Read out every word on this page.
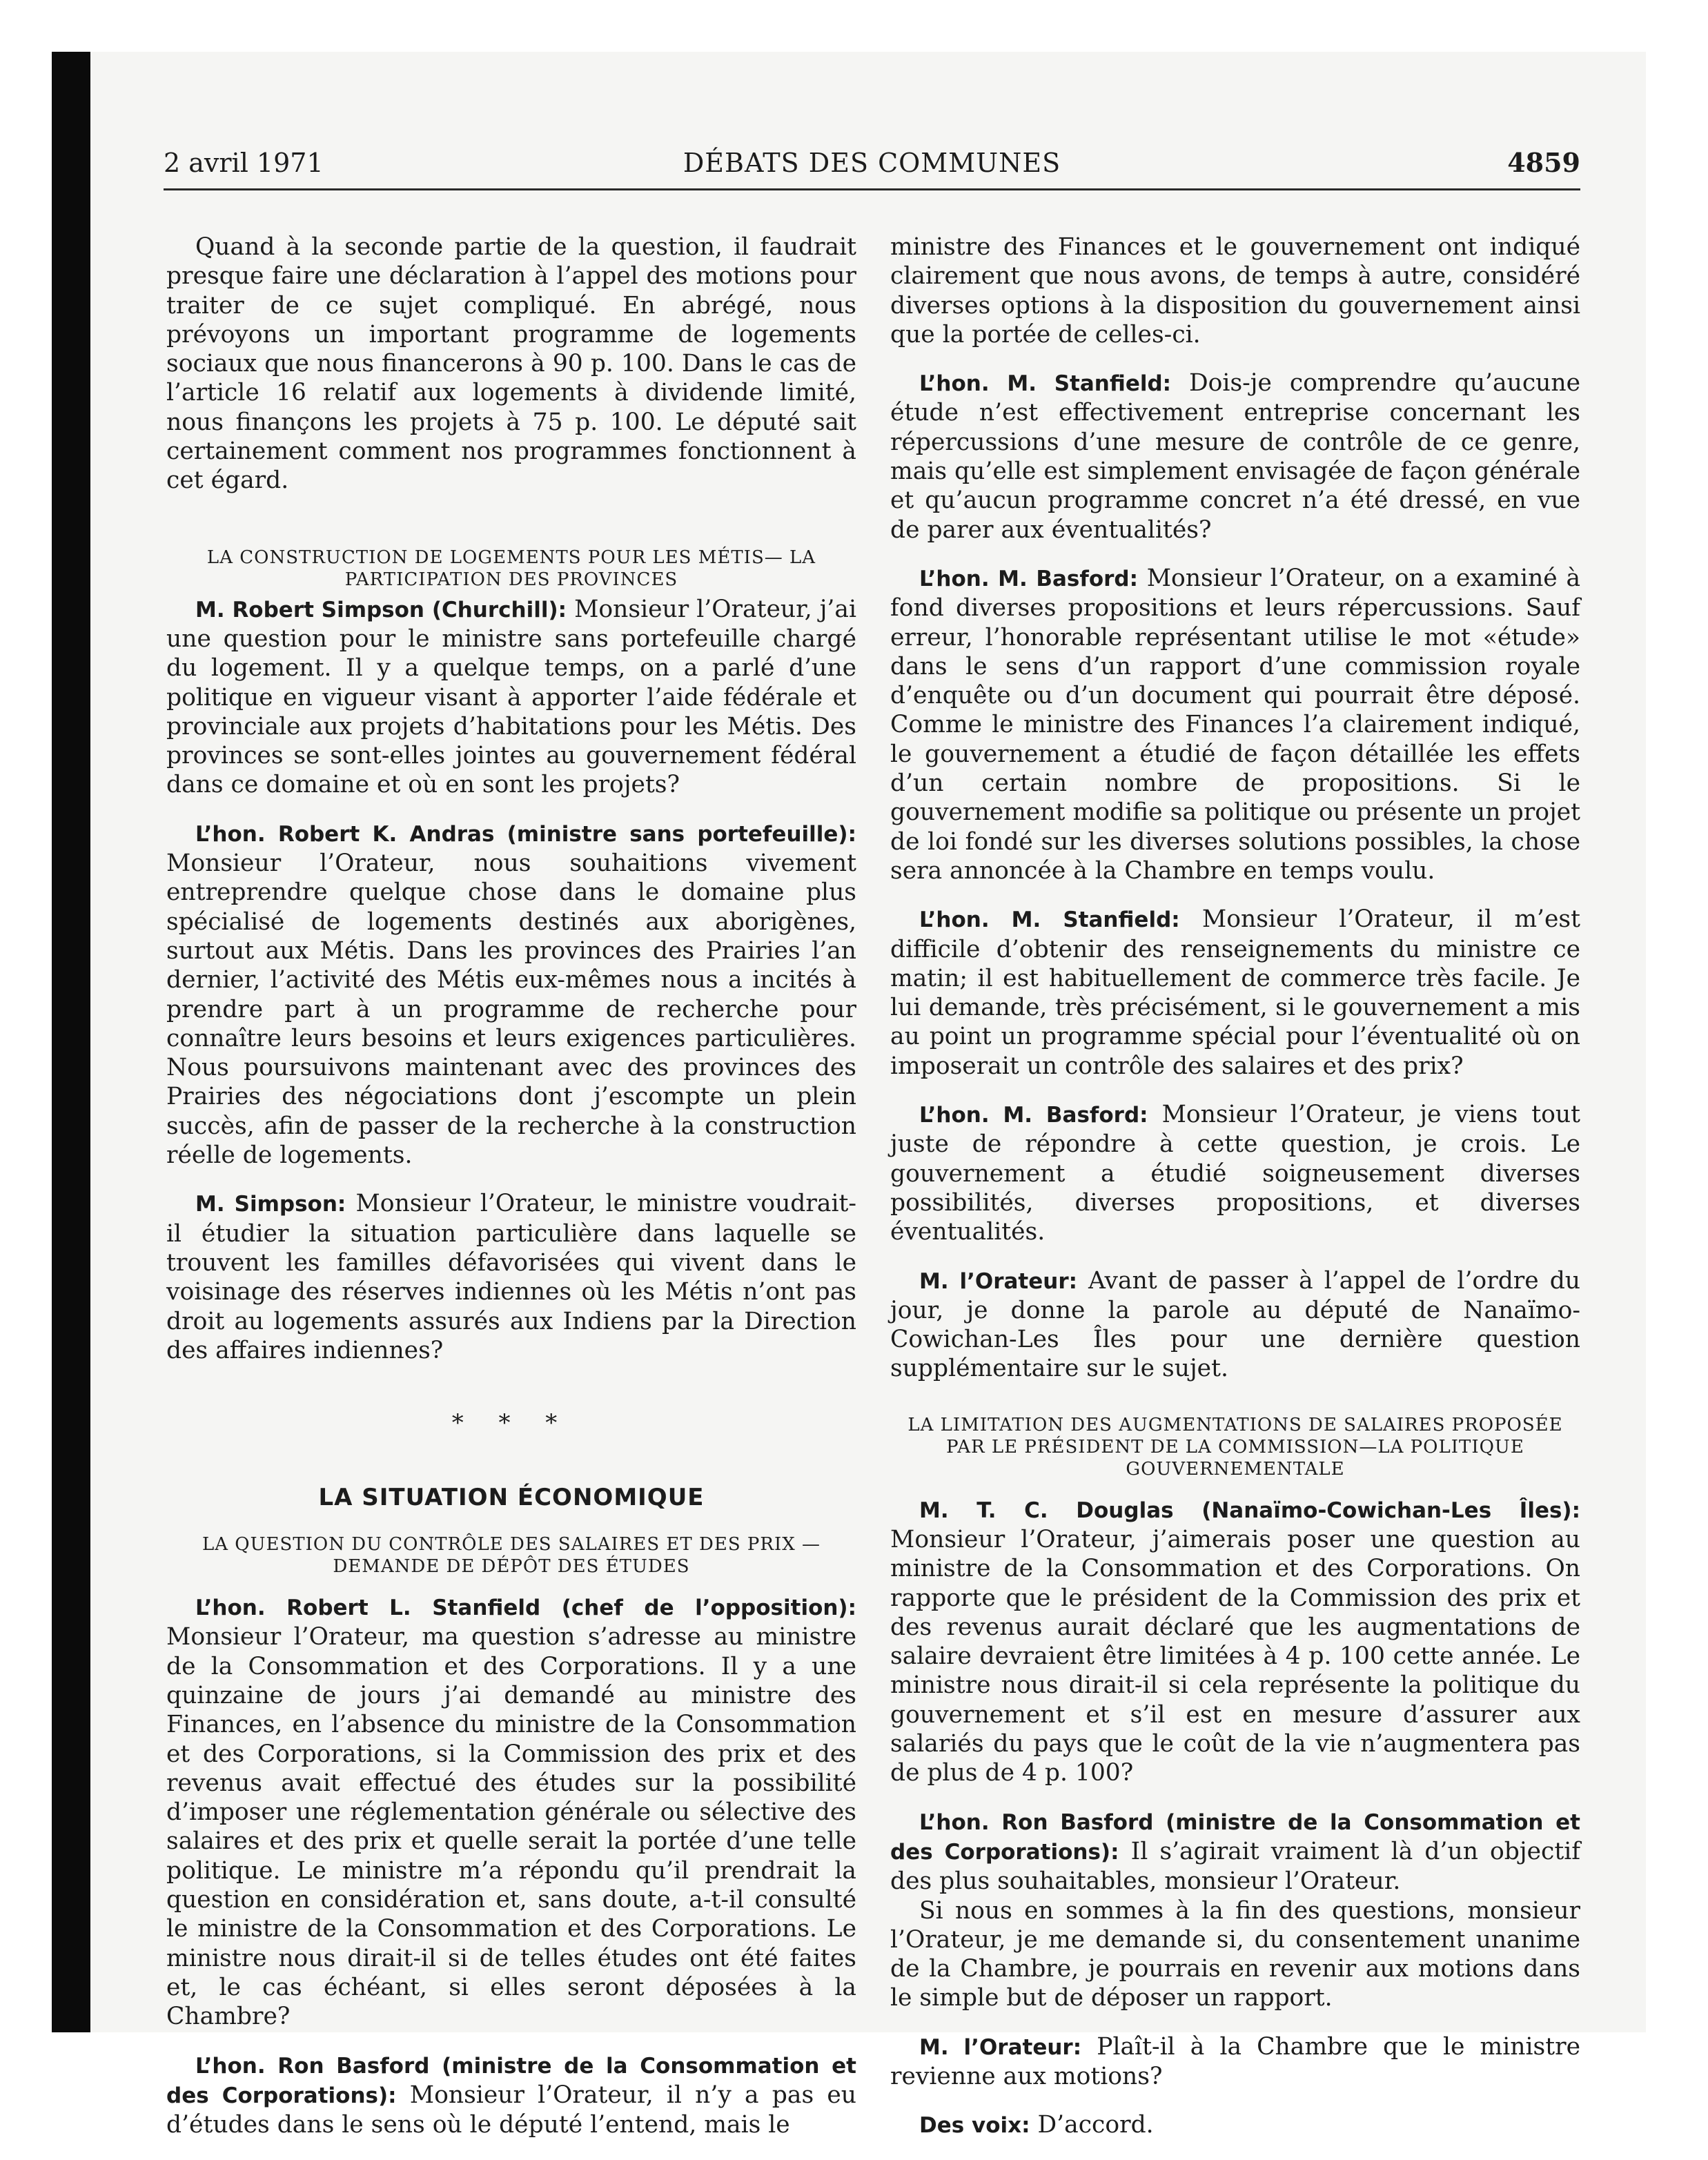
2 avril 1971	DÉBATS DES COMMUNES	4859

Quand à la seconde partie de la question, il faudrait presque faire une déclaration à l’appel des motions pour traiter de ce sujet compliqué. En abrégé, nous prévoyons un important programme de logements sociaux que nous financerons à 90 p. 100. Dans le cas de l’article 16 relatif aux logements à dividende limité, nous finançons les projets à 75 p. 100. Le député sait certainement comment nos programmes fonctionnent à cet égard.

LA CONSTRUCTION DE LOGEMENTS POUR LES MÉTIS— LA PARTICIPATION DES PROVINCES

M. Robert Simpson (Churchill): Monsieur l’Orateur, j’ai une question pour le ministre sans portefeuille chargé du logement. Il y a quelque temps, on a parlé d’une politique en vigueur visant à apporter l’aide fédérale et provinciale aux projets d’habitations pour les Métis. Des provinces se sont-elles jointes au gouvernement fédéral dans ce domaine et où en sont les projets?

L’hon. Robert K. Andras (ministre sans portefeuille): Monsieur l’Orateur, nous souhaitions vivement entreprendre quelque chose dans le domaine plus spécialisé de logements destinés aux aborigènes, surtout aux Métis. Dans les provinces des Prairies l’an dernier, l’activité des Métis eux-mêmes nous a incités à prendre part à un programme de recherche pour connaître leurs besoins et leurs exigences particulières. Nous poursuivons maintenant avec des provinces des Prairies des négociations dont j’escompte un plein succès, afin de passer de la recherche à la construction réelle de logements.

M. Simpson: Monsieur l’Orateur, le ministre voudrait-il étudier la situation particulière dans laquelle se trouvent les familles défavorisées qui vivent dans le voisinage des réserves indiennes où les Métis n’ont pas droit au logements assurés aux Indiens par la Direction des affaires indiennes?

* * *
LA SITUATION ÉCONOMIQUE
LA QUESTION DU CONTRÔLE DES SALAIRES ET DES PRIX —DEMANDE DE DÉPÔT DES ÉTUDES

L’hon. Robert L. Stanfield (chef de l’opposition): Monsieur l’Orateur, ma question s’adresse au ministre de la Consommation et des Corporations. Il y a une quinzaine de jours j’ai demandé au ministre des Finances, en l’absence du ministre de la Consommation et des Corporations, si la Commission des prix et des revenus avait effectué des études sur la possibilité d’imposer une réglementation générale ou sélective des salaires et des prix et quelle serait la portée d’une telle politique. Le ministre m’a répondu qu’il prendrait la question en considération et, sans doute, a-t-il consulté le ministre de la Consommation et des Corporations. Le ministre nous dirait-il si de telles études ont été faites et, le cas échéant, si elles seront déposées à la Chambre?

L’hon. Ron Basford (ministre de la Consommation et des Corporations): Monsieur l’Orateur, il n’y a pas eu d’études dans le sens où le député l’entend, mais le

ministre des Finances et le gouvernement ont indiqué clairement que nous avons, de temps à autre, considéré diverses options à la disposition du gouvernement ainsi que la portée de celles-ci.

L’hon. M. Stanfield: Dois-je comprendre qu’aucune étude n’est effectivement entreprise concernant les répercussions d’une mesure de contrôle de ce genre, mais qu’elle est simplement envisagée de façon générale et qu’aucun programme concret n’a été dressé, en vue de parer aux éventualités?

L’hon. M. Basford: Monsieur l’Orateur, on a examiné à fond diverses propositions et leurs répercussions. Sauf erreur, l’honorable représentant utilise le mot «étude» dans le sens d’un rapport d’une commission royale d’enquête ou d’un document qui pourrait être déposé. Comme le ministre des Finances l’a clairement indiqué, le gouvernement a étudié de façon détaillée les effets d’un certain nombre de propositions. Si le gouvernement modifie sa politique ou présente un projet de loi fondé sur les diverses solutions possibles, la chose sera annoncée à la Chambre en temps voulu.

L’hon. M. Stanfield: Monsieur l’Orateur, il m’est difficile d’obtenir des renseignements du ministre ce matin; il est habituellement de commerce très facile. Je lui demande, très précisément, si le gouvernement a mis au point un programme spécial pour l’éventualité où on imposerait un contrôle des salaires et des prix?

L’hon. M. Basford: Monsieur l’Orateur, je viens tout juste de répondre à cette question, je crois. Le gouvernement a étudié soigneusement diverses possibilités, diverses propositions, et diverses éventualités.

M. l’Orateur: Avant de passer à l’appel de l’ordre du jour, je donne la parole au député de Nanaïmo-Cowichan-Les Îles pour une dernière question supplémentaire sur le sujet.

LA LIMITATION DES AUGMENTATIONS DE SALAIRES PROPOSÉE PAR LE PRÉSIDENT DE LA COMMISSION—LA POLITIQUE GOUVERNEMENTALE

M. T. C. Douglas (Nanaïmo-Cowichan-Les Îles): Monsieur l’Orateur, j’aimerais poser une question au ministre de la Consommation et des Corporations. On rapporte que le président de la Commission des prix et des revenus aurait déclaré que les augmentations de salaire devraient être limitées à 4 p. 100 cette année. Le ministre nous dirait-il si cela représente la politique du gouvernement et s’il est en mesure d’assurer aux salariés du pays que le coût de la vie n’augmentera pas de plus de 4 p. 100?

L’hon. Ron Basford (ministre de la Consommation et des Corporations): Il s’agirait vraiment là d’un objectif des plus souhaitables, monsieur l’Orateur.

Si nous en sommes à la fin des questions, monsieur l’Orateur, je me demande si, du consentement unanime de la Chambre, je pourrais en revenir aux motions dans le simple but de déposer un rapport.

M. l’Orateur: Plaît-il à la Chambre que le ministre revienne aux motions?

Des voix: D’accord.
